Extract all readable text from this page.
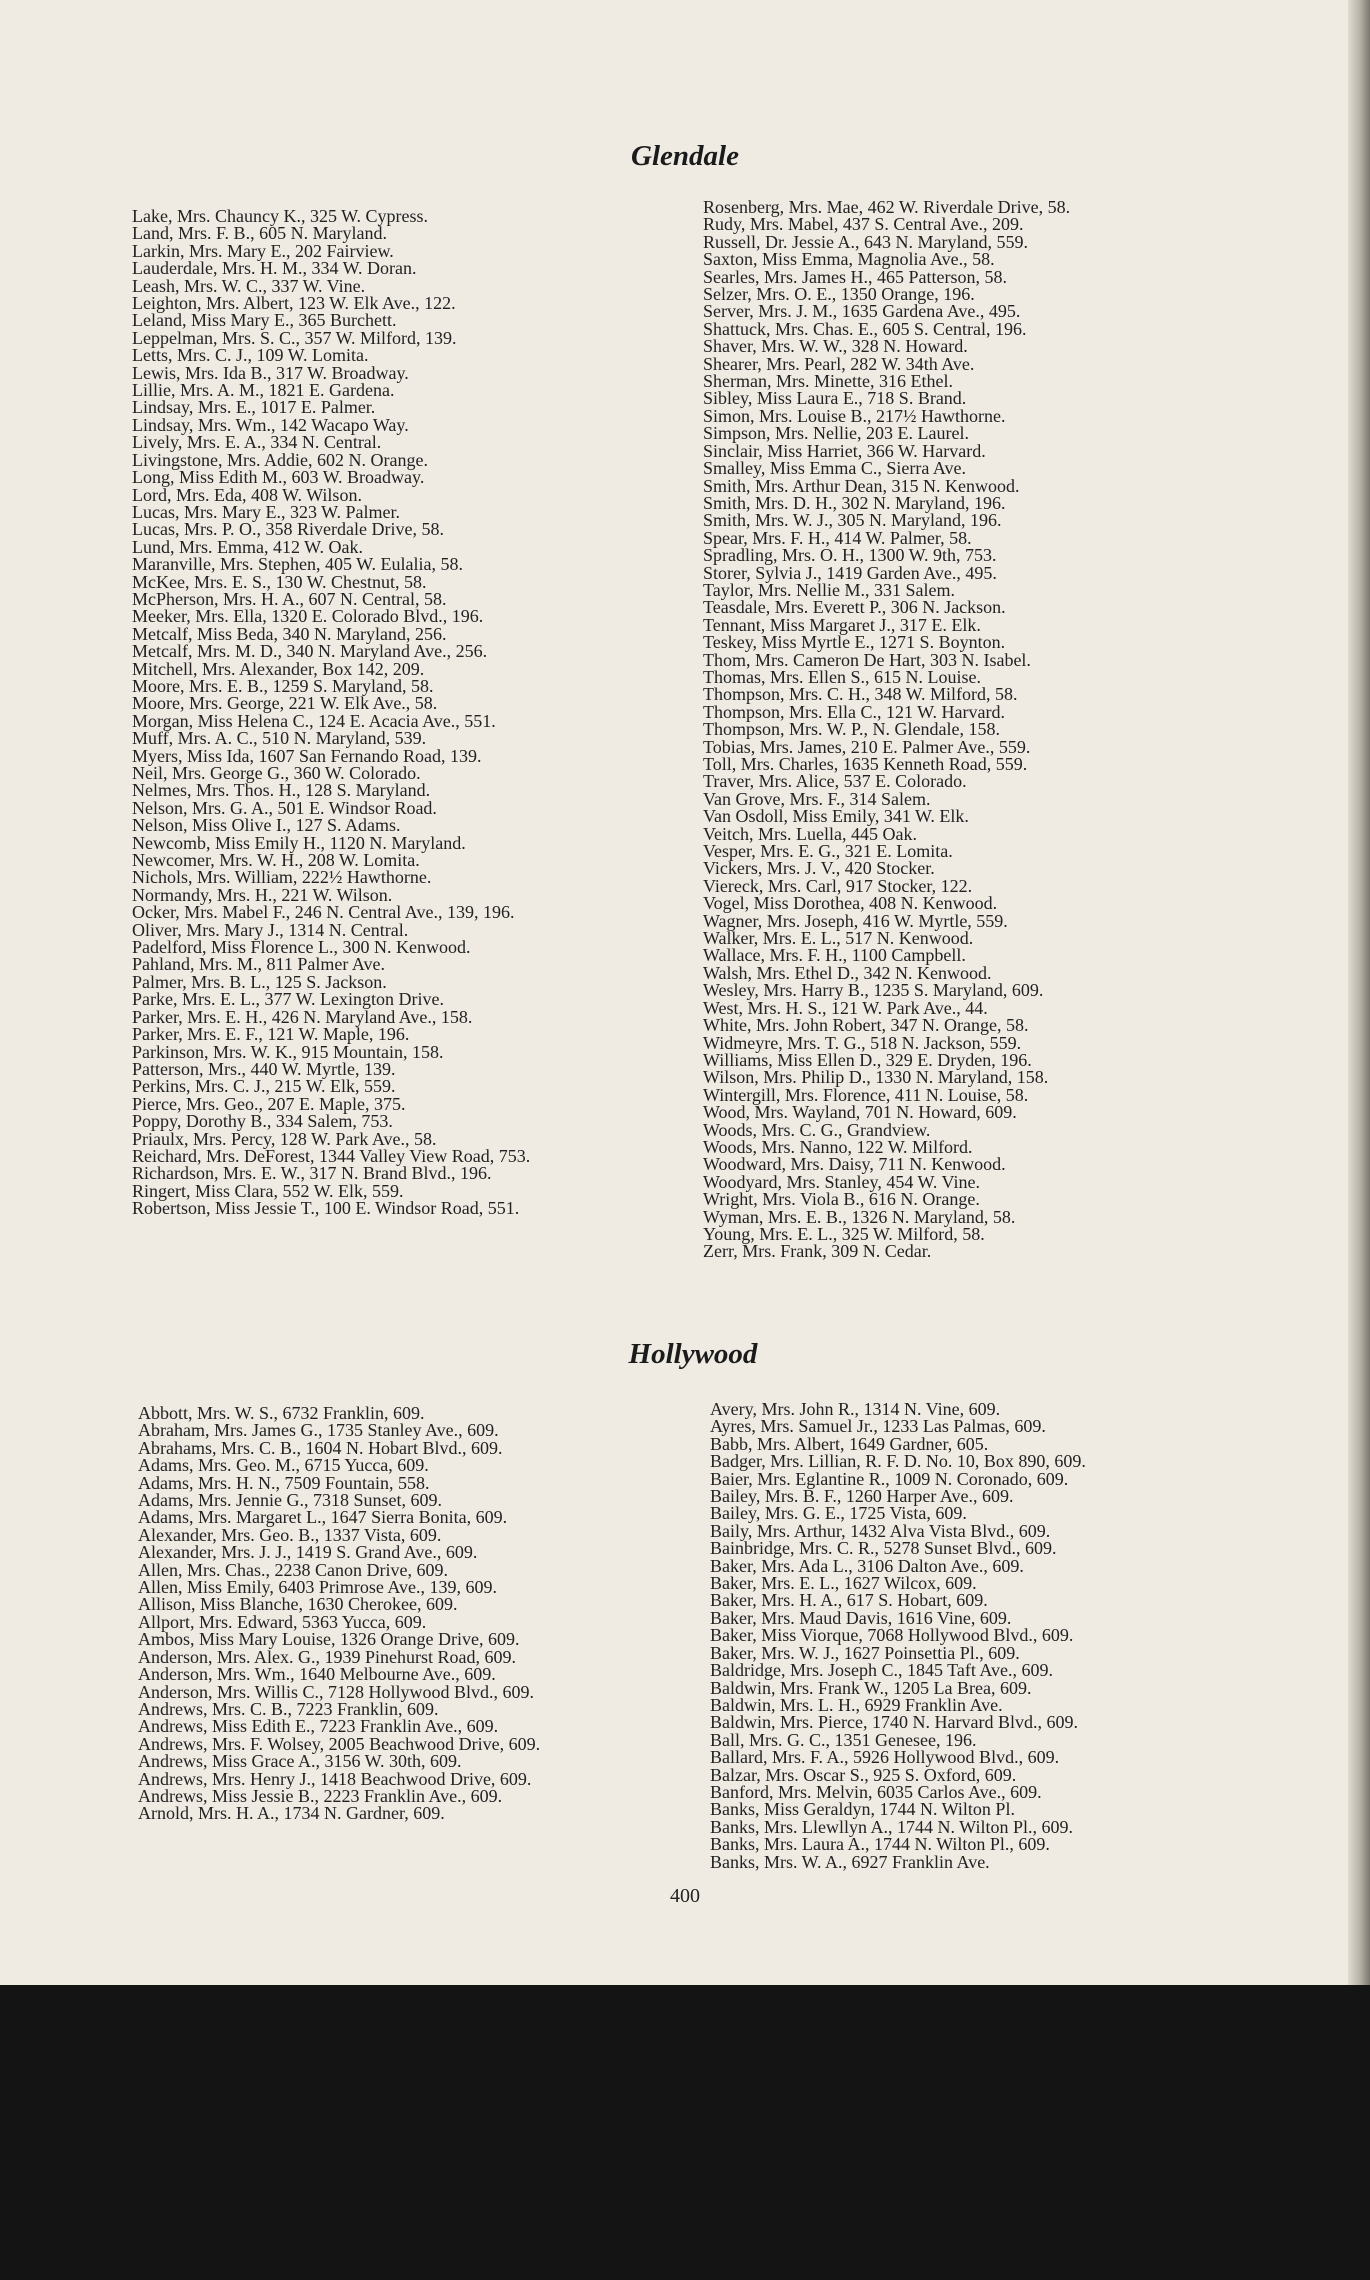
Glendale
Lake, Mrs. Chauncy K., 325 W. Cypress.
Land, Mrs. F. B., 605 N. Maryland.
Larkin, Mrs. Mary E., 202 Fairview.
Lauderdale, Mrs. H. M., 334 W. Doran.
Leash, Mrs. W. C., 337 W. Vine.
Leighton, Mrs. Albert, 123 W. Elk Ave., 122.
Leland, Miss Mary E., 365 Burchett.
Leppelman, Mrs. S. C., 357 W. Milford, 139.
Letts, Mrs. C. J., 109 W. Lomita.
Lewis, Mrs. Ida B., 317 W. Broadway.
Lillie, Mrs. A. M., 1821 E. Gardena.
Lindsay, Mrs. E., 1017 E. Palmer.
Lindsay, Mrs. Wm., 142 Wacapo Way.
Lively, Mrs. E. A., 334 N. Central.
Livingstone, Mrs. Addie, 602 N. Orange.
Long, Miss Edith M., 603 W. Broadway.
Lord, Mrs. Eda, 408 W. Wilson.
Lucas, Mrs. Mary E., 323 W. Palmer.
Lucas, Mrs. P. O., 358 Riverdale Drive, 58.
Lund, Mrs. Emma, 412 W. Oak.
Maranville, Mrs. Stephen, 405 W. Eulalia, 58.
McKee, Mrs. E. S., 130 W. Chestnut, 58.
McPherson, Mrs. H. A., 607 N. Central, 58.
Meeker, Mrs. Ella, 1320 E. Colorado Blvd., 196.
Metcalf, Miss Beda, 340 N. Maryland, 256.
Metcalf, Mrs. M. D., 340 N. Maryland Ave., 256.
Mitchell, Mrs. Alexander, Box 142, 209.
Moore, Mrs. E. B., 1259 S. Maryland, 58.
Moore, Mrs. George, 221 W. Elk Ave., 58.
Morgan, Miss Helena C., 124 E. Acacia Ave., 551.
Muff, Mrs. A. C., 510 N. Maryland, 539.
Myers, Miss Ida, 1607 San Fernando Road, 139.
Neil, Mrs. George G., 360 W. Colorado.
Nelmes, Mrs. Thos. H., 128 S. Maryland.
Nelson, Mrs. G. A., 501 E. Windsor Road.
Nelson, Miss Olive I., 127 S. Adams.
Newcomb, Miss Emily H., 1120 N. Maryland.
Newcomer, Mrs. W. H., 208 W. Lomita.
Nichols, Mrs. William, 222½ Hawthorne.
Normandy, Mrs. H., 221 W. Wilson.
Ocker, Mrs. Mabel F., 246 N. Central Ave., 139, 196.
Oliver, Mrs. Mary J., 1314 N. Central.
Padelford, Miss Florence L., 300 N. Kenwood.
Pahland, Mrs. M., 811 Palmer Ave.
Palmer, Mrs. B. L., 125 S. Jackson.
Parke, Mrs. E. L., 377 W. Lexington Drive.
Parker, Mrs. E. H., 426 N. Maryland Ave., 158.
Parker, Mrs. E. F., 121 W. Maple, 196.
Parkinson, Mrs. W. K., 915 Mountain, 158.
Patterson, Mrs., 440 W. Myrtle, 139.
Perkins, Mrs. C. J., 215 W. Elk, 559.
Pierce, Mrs. Geo., 207 E. Maple, 375.
Poppy, Dorothy B., 334 Salem, 753.
Priaulx, Mrs. Percy, 128 W. Park Ave., 58.
Reichard, Mrs. DeForest, 1344 Valley View Road, 753.
Richardson, Mrs. E. W., 317 N. Brand Blvd., 196.
Ringert, Miss Clara, 552 W. Elk, 559.
Robertson, Miss Jessie T., 100 E. Windsor Road, 551.
Rosenberg, Mrs. Mae, 462 W. Riverdale Drive, 58.
Rudy, Mrs. Mabel, 437 S. Central Ave., 209.
Russell, Dr. Jessie A., 643 N. Maryland, 559.
Saxton, Miss Emma, Magnolia Ave., 58.
Searles, Mrs. James H., 465 Patterson, 58.
Selzer, Mrs. O. E., 1350 Orange, 196.
Server, Mrs. J. M., 1635 Gardena Ave., 495.
Shattuck, Mrs. Chas. E., 605 S. Central, 196.
Shaver, Mrs. W. W., 328 N. Howard.
Shearer, Mrs. Pearl, 282 W. 34th Ave.
Sherman, Mrs. Minette, 316 Ethel.
Sibley, Miss Laura E., 718 S. Brand.
Simon, Mrs. Louise B., 217½ Hawthorne.
Simpson, Mrs. Nellie, 203 E. Laurel.
Sinclair, Miss Harriet, 366 W. Harvard.
Smalley, Miss Emma C., Sierra Ave.
Smith, Mrs. Arthur Dean, 315 N. Kenwood.
Smith, Mrs. D. H., 302 N. Maryland, 196.
Smith, Mrs. W. J., 305 N. Maryland, 196.
Spear, Mrs. F. H., 414 W. Palmer, 58.
Spradling, Mrs. O. H., 1300 W. 9th, 753.
Storer, Sylvia J., 1419 Garden Ave., 495.
Taylor, Mrs. Nellie M., 331 Salem.
Teasdale, Mrs. Everett P., 306 N. Jackson.
Tennant, Miss Margaret J., 317 E. Elk.
Teskey, Miss Myrtle E., 1271 S. Boynton.
Thom, Mrs. Cameron De Hart, 303 N. Isabel.
Thomas, Mrs. Ellen S., 615 N. Louise.
Thompson, Mrs. C. H., 348 W. Milford, 58.
Thompson, Mrs. Ella C., 121 W. Harvard.
Thompson, Mrs. W. P., N. Glendale, 158.
Tobias, Mrs. James, 210 E. Palmer Ave., 559.
Toll, Mrs. Charles, 1635 Kenneth Road, 559.
Traver, Mrs. Alice, 537 E. Colorado.
Van Grove, Mrs. F., 314 Salem.
Van Osdoll, Miss Emily, 341 W. Elk.
Veitch, Mrs. Luella, 445 Oak.
Vesper, Mrs. E. G., 321 E. Lomita.
Vickers, Mrs. J. V., 420 Stocker.
Viereck, Mrs. Carl, 917 Stocker, 122.
Vogel, Miss Dorothea, 408 N. Kenwood.
Wagner, Mrs. Joseph, 416 W. Myrtle, 559.
Walker, Mrs. E. L., 517 N. Kenwood.
Wallace, Mrs. F. H., 1100 Campbell.
Walsh, Mrs. Ethel D., 342 N. Kenwood.
Wesley, Mrs. Harry B., 1235 S. Maryland, 609.
West, Mrs. H. S., 121 W. Park Ave., 44.
White, Mrs. John Robert, 347 N. Orange, 58.
Widmeyre, Mrs. T. G., 518 N. Jackson, 559.
Williams, Miss Ellen D., 329 E. Dryden, 196.
Wilson, Mrs. Philip D., 1330 N. Maryland, 158.
Wintergill, Mrs. Florence, 411 N. Louise, 58.
Wood, Mrs. Wayland, 701 N. Howard, 609.
Woods, Mrs. C. G., Grandview.
Woods, Mrs. Nanno, 122 W. Milford.
Woodward, Mrs. Daisy, 711 N. Kenwood.
Woodyard, Mrs. Stanley, 454 W. Vine.
Wright, Mrs. Viola B., 616 N. Orange.
Wyman, Mrs. E. B., 1326 N. Maryland, 58.
Young, Mrs. E. L., 325 W. Milford, 58.
Zerr, Mrs. Frank, 309 N. Cedar.
Hollywood
Abbott, Mrs. W. S., 6732 Franklin, 609.
Abraham, Mrs. James G., 1735 Stanley Ave., 609.
Abrahams, Mrs. C. B., 1604 N. Hobart Blvd., 609.
Adams, Mrs. Geo. M., 6715 Yucca, 609.
Adams, Mrs. H. N., 7509 Fountain, 558.
Adams, Mrs. Jennie G., 7318 Sunset, 609.
Adams, Mrs. Margaret L., 1647 Sierra Bonita, 609.
Alexander, Mrs. Geo. B., 1337 Vista, 609.
Alexander, Mrs. J. J., 1419 S. Grand Ave., 609.
Allen, Mrs. Chas., 2238 Canon Drive, 609.
Allen, Miss Emily, 6403 Primrose Ave., 139, 609.
Allison, Miss Blanche, 1630 Cherokee, 609.
Allport, Mrs. Edward, 5363 Yucca, 609.
Ambos, Miss Mary Louise, 1326 Orange Drive, 609.
Anderson, Mrs. Alex. G., 1939 Pinehurst Road, 609.
Anderson, Mrs. Wm., 1640 Melbourne Ave., 609.
Anderson, Mrs. Willis C., 7128 Hollywood Blvd., 609.
Andrews, Mrs. C. B., 7223 Franklin, 609.
Andrews, Miss Edith E., 7223 Franklin Ave., 609.
Andrews, Mrs. F. Wolsey, 2005 Beachwood Drive, 609.
Andrews, Miss Grace A., 3156 W. 30th, 609.
Andrews, Mrs. Henry J., 1418 Beachwood Drive, 609.
Andrews, Miss Jessie B., 2223 Franklin Ave., 609.
Arnold, Mrs. H. A., 1734 N. Gardner, 609.
Avery, Mrs. John R., 1314 N. Vine, 609.
Ayres, Mrs. Samuel Jr., 1233 Las Palmas, 609.
Babb, Mrs. Albert, 1649 Gardner, 605.
Badger, Mrs. Lillian, R. F. D. No. 10, Box 890, 609.
Baier, Mrs. Eglantine R., 1009 N. Coronado, 609.
Bailey, Mrs. B. F., 1260 Harper Ave., 609.
Bailey, Mrs. G. E., 1725 Vista, 609.
Baily, Mrs. Arthur, 1432 Alva Vista Blvd., 609.
Bainbridge, Mrs. C. R., 5278 Sunset Blvd., 609.
Baker, Mrs. Ada L., 3106 Dalton Ave., 609.
Baker, Mrs. E. L., 1627 Wilcox, 609.
Baker, Mrs. H. A., 617 S. Hobart, 609.
Baker, Mrs. Maud Davis, 1616 Vine, 609.
Baker, Miss Viorque, 7068 Hollywood Blvd., 609.
Baker, Mrs. W. J., 1627 Poinsettia Pl., 609.
Baldridge, Mrs. Joseph C., 1845 Taft Ave., 609.
Baldwin, Mrs. Frank W., 1205 La Brea, 609.
Baldwin, Mrs. L. H., 6929 Franklin Ave.
Baldwin, Mrs. Pierce, 1740 N. Harvard Blvd., 609.
Ball, Mrs. G. C., 1351 Genesee, 196.
Ballard, Mrs. F. A., 5926 Hollywood Blvd., 609.
Balzar, Mrs. Oscar S., 925 S. Oxford, 609.
Banford, Mrs. Melvin, 6035 Carlos Ave., 609.
Banks, Miss Geraldyn, 1744 N. Wilton Pl.
Banks, Mrs. Llewllyn A., 1744 N. Wilton Pl., 609.
Banks, Mrs. Laura A., 1744 N. Wilton Pl., 609.
Banks, Mrs. W. A., 6927 Franklin Ave.
400
